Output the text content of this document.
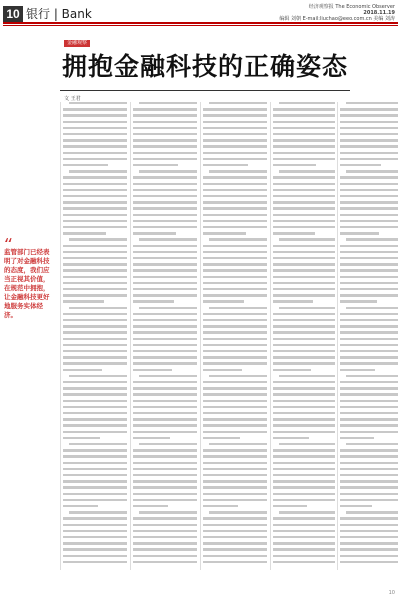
10 银行 | Bank	经济观察报 The Economic Observer
2018.11.19
编辑 刘朝 E-mail:liuchao@eeo.com.cn 美编 刘涛
金融观察
拥抱金融科技的正确姿态
文 王君
监管部门已经表明了对金融科技的态度，我们应当正视其价值，在规范中拥抱，让金融科技更好地服务实体经济。
10
